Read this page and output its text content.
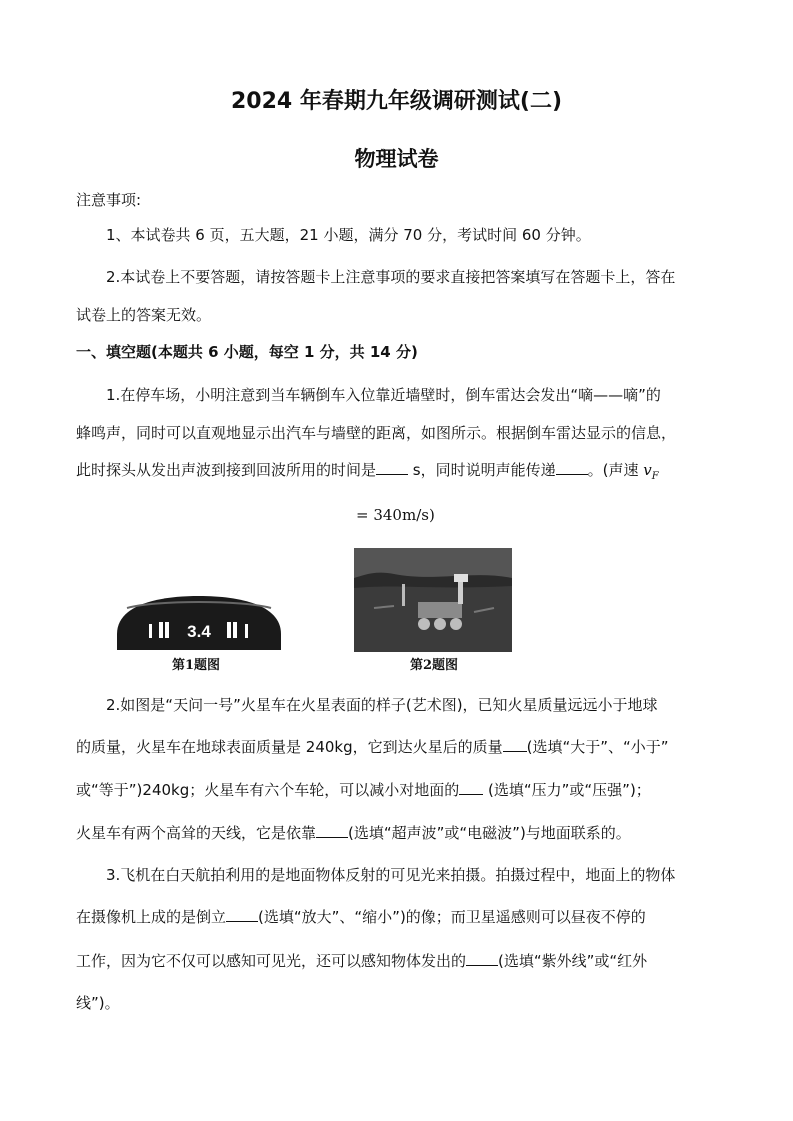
2024 年春期九年级调研测试(二)
物理试卷
注意事项:
1、本试卷共 6 页，五大题，21 小题，满分 70 分，考试时间 60 分钟。
2.本试卷上不要答题，请按答题卡上注意事项的要求直接把答案填写在答题卡上，答在
试卷上的答案无效。
一、填空题(本题共 6 小题，每空 1 分，共 14 分)
1.在停车场，小明注意到当车辆倒车入位靠近墙壁时，倒车雷达会发出“嘀——嘀”的
蜂鸣声，同时可以直观地显示出汽车与墙壁的距离，如图所示。根据倒车雷达显示的信息，
此时探头从发出声波到接到回波所用的时间是 s，同时说明声能传递 。(声速 $v_F$
= 340m/s)
3.4
第1题图	第2题图
2.如图是“天问一号”火星车在火星表面的样子(艺术图)，已知火星质量远远小于地球
的质量，火星车在地球表面质量是 240kg，它到达火星后的质量 (选填“大于”、“小于”
或“等于”)240kg；火星车有六个车轮，可以减小对地面的 (选填“压力”或“压强”)；
火星车有两个高耸的天线，它是依靠 (选填“超声波”或“电磁波”)与地面联系的。
3.飞机在白天航拍利用的是地面物体反射的可见光来拍摄。拍摄过程中，地面上的物体
在摄像机上成的是倒立 (选填“放大”、“缩小”)的像；而卫星遥感则可以昼夜不停的
工作，因为它不仅可以感知可见光，还可以感知物体发出的 (选填“紫外线”或“红外
线”)。
